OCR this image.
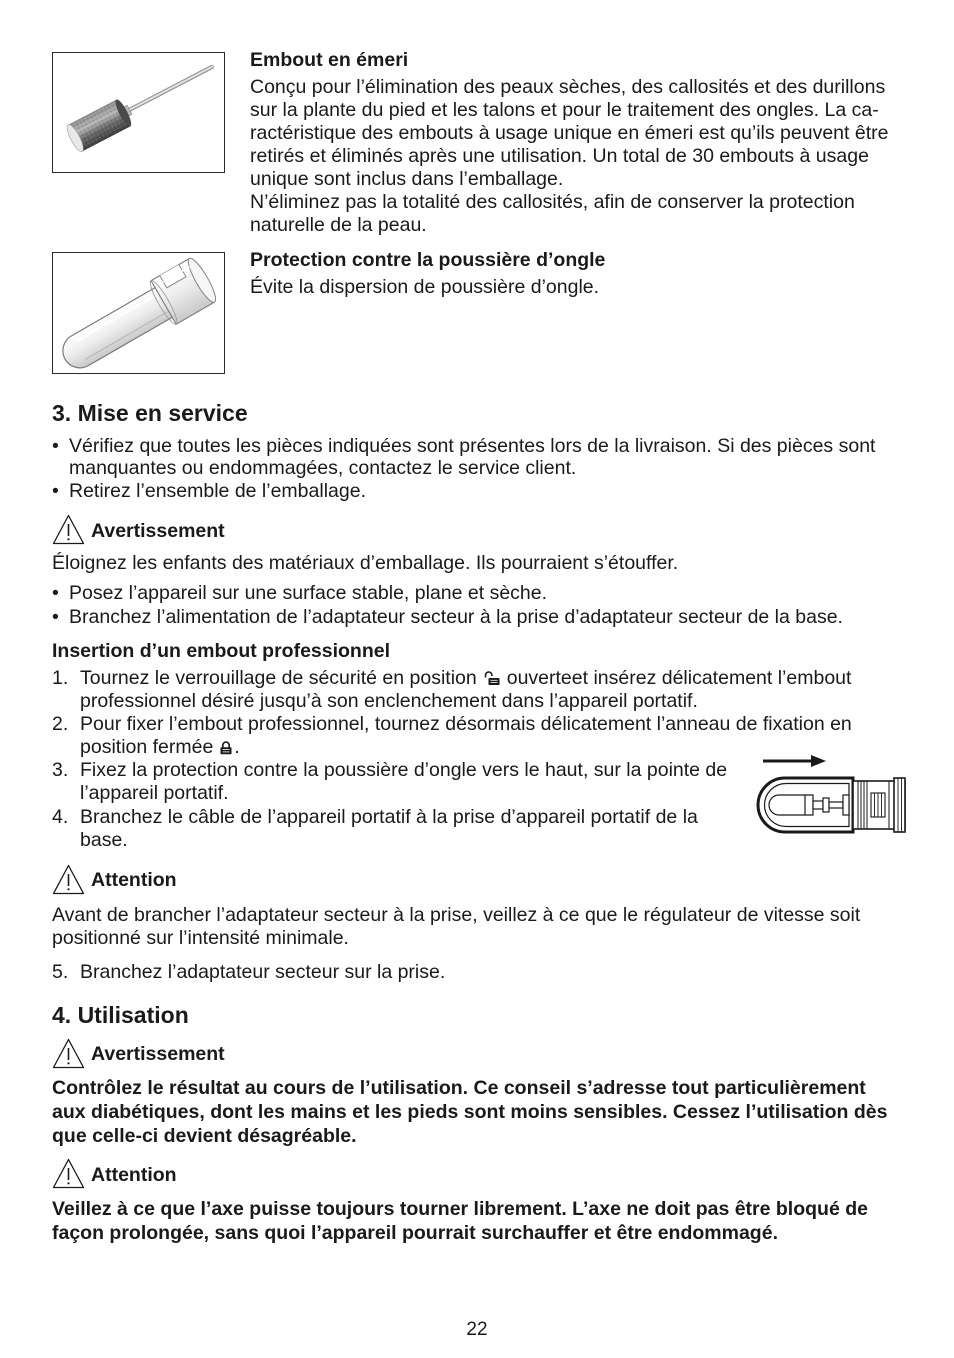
Embout en émeri
Conçu pour l’élimination des peaux sèches, des callosités et des durillons
sur la plante du pied et les talons et pour le traitement des ongles. La ca-
ractéristique des embouts à usage unique en émeri est qu’ils peuvent être
retirés et éliminés après une utilisation. Un total de 30 embouts à usage
unique sont inclus dans l’emballage.
N’éliminez pas la totalité des callosités, afin de conserver la protection
naturelle de la peau.
Protection contre la poussière d’ongle
Évite la dispersion de poussière d’ongle.
3. Mise en service
• Vérifiez que toutes les pièces indiquées sont présentes lors de la livraison. Si des pièces sont
manquantes ou endommagées, contactez le service client.
• Retirez l’ensemble de l’emballage.
Avertissement
Éloignez les enfants des matériaux d’emballage. Ils pourraient s’étouffer.
• Posez l’appareil sur une surface stable, plane et sèche.
• Branchez l’alimentation de l’adaptateur secteur à la prise d’adaptateur secteur de la base.
Insertion d’un embout professionnel
1. Tournez le verrouillage de sécurité en position ouverteet insérez délicatement l’embout
professionnel désiré jusqu’à son enclenchement dans l’appareil portatif.
2. Pour fixer l’embout professionnel, tournez désormais délicatement l’anneau de fixation en
position fermée .
3. Fixez la protection contre la poussière d’ongle vers le haut, sur la pointe de
l’appareil portatif.
4. Branchez le câble de l’appareil portatif à la prise d’appareil portatif de la
base.
Attention
Avant de brancher l’adaptateur secteur à la prise, veillez à ce que le régulateur de vitesse soit
positionné sur l’intensité minimale.
5. Branchez l’adaptateur secteur sur la prise.
4. Utilisation
Avertissement
Contrôlez le résultat au cours de l’utilisation. Ce conseil s’adresse tout particulièrement
aux diabétiques, dont les mains et les pieds sont moins sensibles. Cessez l’utilisation dès
que celle-ci devient désagréable.
Attention
Veillez à ce que l’axe puisse toujours tourner librement. L’axe ne doit pas être bloqué de
façon prolongée, sans quoi l’appareil pourrait surchauffer et être endommagé.
22
